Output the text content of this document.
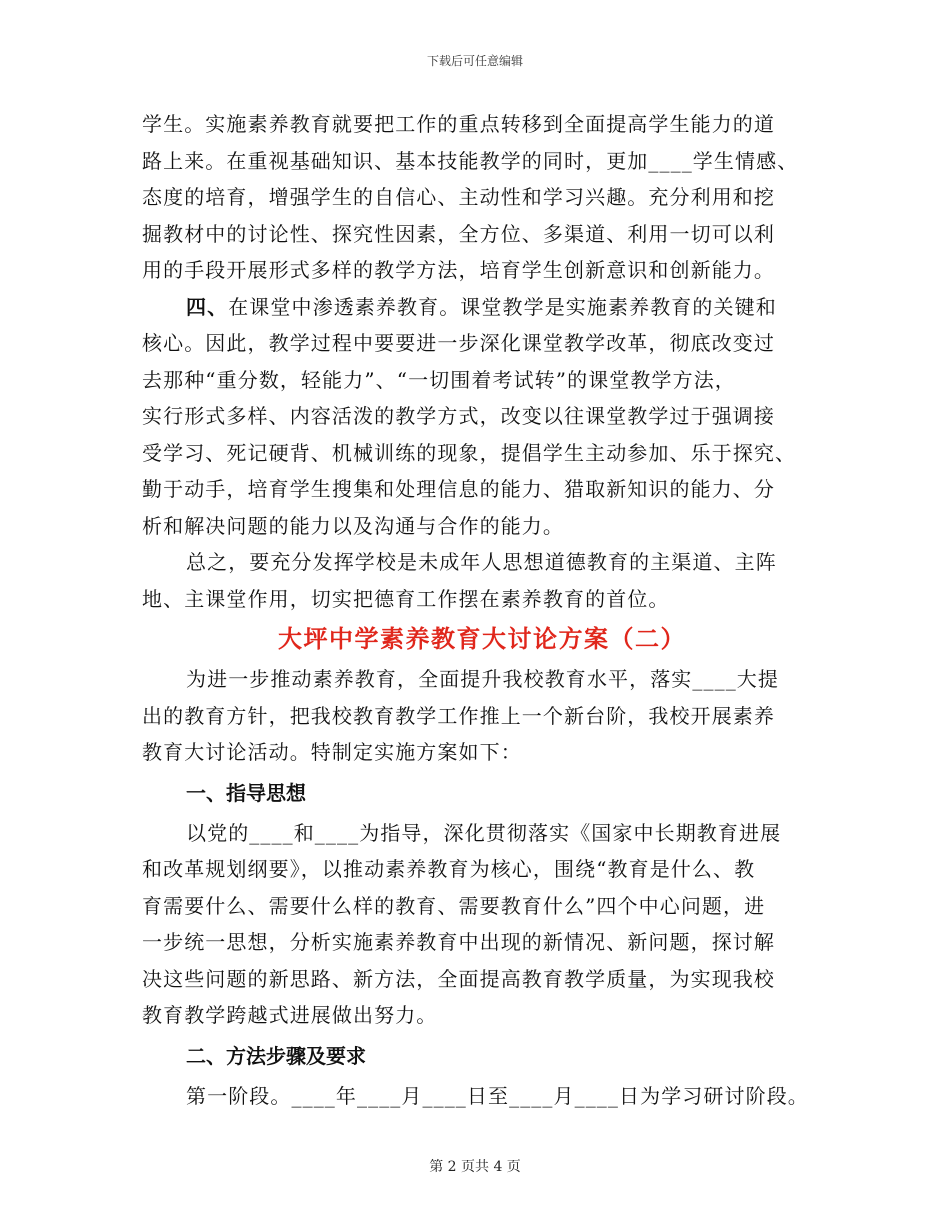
下载后可任意编辑

学生。实施素养教育就要把工作的重点转移到全面提高学生能力的道

路上来。在重视基础知识、基本技能教学的同时，更加____学生情感、

态度的培育，增强学生的自信心、主动性和学习兴趣。充分利用和挖

掘教材中的讨论性、探究性因素，全方位、多渠道、利用一切可以利

用的手段开展形式多样的教学方法，培育学生创新意识和创新能力。

四、在课堂中渗透素养教育。课堂教学是实施素养教育的关键和

核心。因此，教学过程中要要进一步深化课堂教学改革，彻底改变过

去那种“重分数，轻能力”、“一切围着考试转”的课堂教学方法，

实行形式多样、内容活泼的教学方式，改变以往课堂教学过于强调接

受学习、死记硬背、机械训练的现象，提倡学生主动参加、乐于探究、

勤于动手，培育学生搜集和处理信息的能力、猎取新知识的能力、分

析和解决问题的能力以及沟通与合作的能力。

总之，要充分发挥学校是未成年人思想道德教育的主渠道、主阵

地、主课堂作用，切实把德育工作摆在素养教育的首位。

大坪中学素养教育大讨论方案（二）

为进一步推动素养教育，全面提升我校教育水平，落实____大提

出的教育方针，把我校教育教学工作推上一个新台阶，我校开展素养

教育大讨论活动。特制定实施方案如下：

一、指导思想

以党的____和____为指导，深化贯彻落实《国家中长期教育进展

和改革规划纲要》，以推动素养教育为核心，围绕“教育是什么、教

育需要什么、需要什么样的教育、需要教育什么”四个中心问题，进

一步统一思想，分析实施素养教育中出现的新情况、新问题，探讨解

决这些问题的新思路、新方法，全面提高教育教学质量，为实现我校

教育教学跨越式进展做出努力。

二、方法步骤及要求

第一阶段。____年____月____日至____月____日为学习研讨阶段。

第 2 页共 4 页
